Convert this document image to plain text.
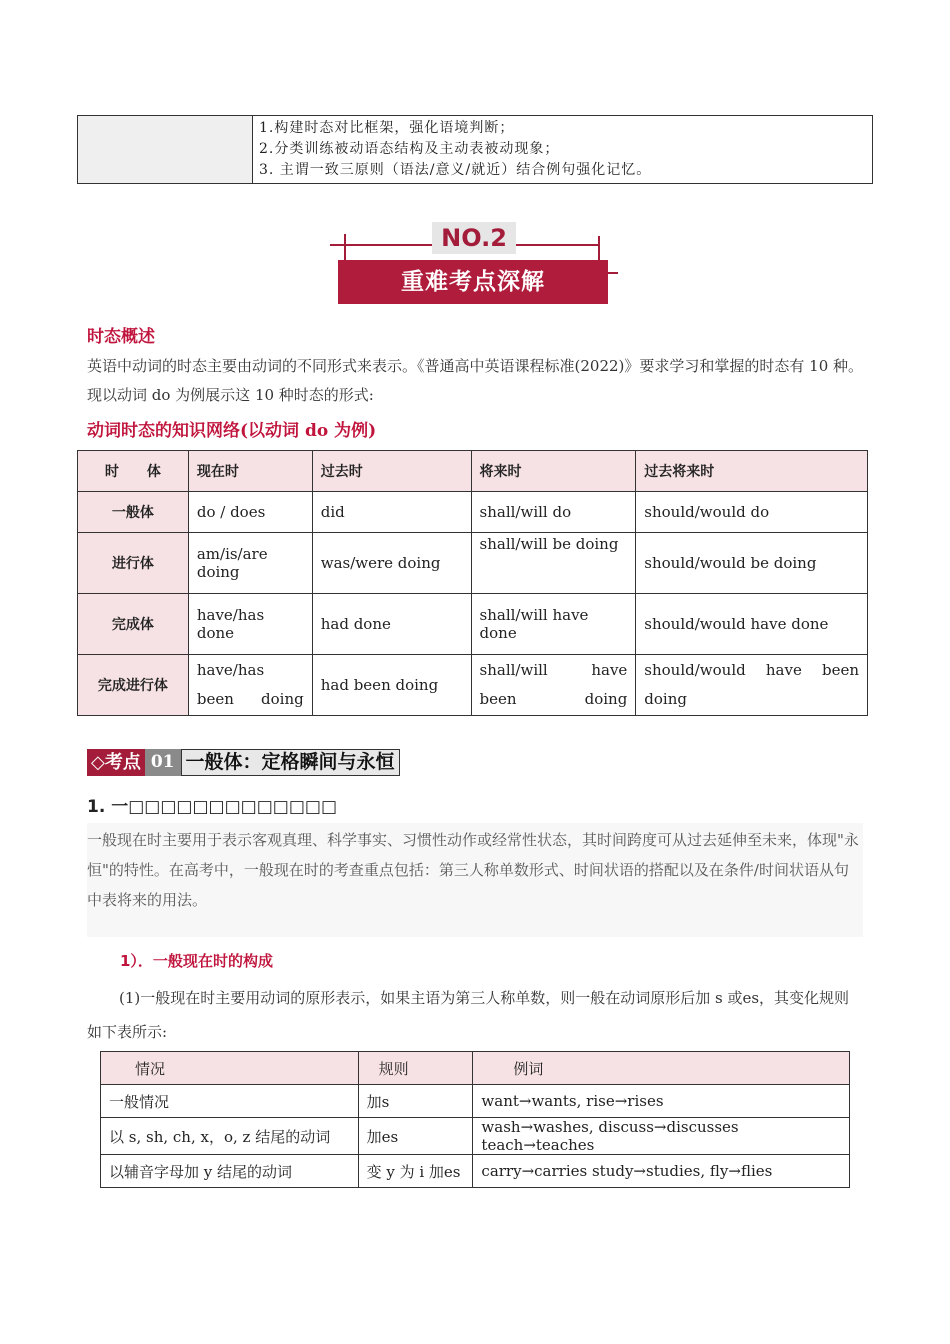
1.构建时态对比框架，强化语境判断；
2.分类训练被动语态结构及主动表被动现象；
3. 主谓一致三原则（语法/意义/就近）结合例句强化记忆。
NO.2
重难考点深解
时态概述
英语中动词的时态主要由动词的不同形式来表示。《普通高中英语课程标准(2022)》要求学习和掌握的时态有 10 种。现以动词 do 为例展示这 10 种时态的形式:
动词时态的知识网络(以动词 do 为例)
时　　体	现在时	过去时	将来时	过去将来时
一般体	do / does	did	shall/will do	should/would do
进行体	am/is/are doing	was/were doing	shall/will be doing	should/would be doing
完成体	have/has done	had done	shall/will have done	should/would have done
完成进行体	have/has been doing	had been doing	shall/will have been doing	should/would have been doing
◇考点 01 一般体：定格瞬间与永恒
1. 一□□□□□□□□□□□□□
一般现在时主要用于表示客观真理、科学事实、习惯性动作或经常性状态，其时间跨度可从过去延伸至未来，体现"永恒"的特性。在高考中，一般现在时的考查重点包括：第三人称单数形式、时间状语的搭配以及在条件/时间状语从句中表将来的用法。
1）．一般现在时的构成
(1)一般现在时主要用动词的原形表示，如果主语为第三人称单数，则一般在动词原形后加 s 或es，其变化规则如下表所示:
情况	规则	例词
一般情况	加s	want→wants, rise→rises
以 s, sh, ch, x，o, z 结尾的动词	加es	wash→washes, discuss→discusses teach→teaches
以辅音字母加 y 结尾的动词	变 y 为 i 加es	carry→carries study→studies, fly→flies
